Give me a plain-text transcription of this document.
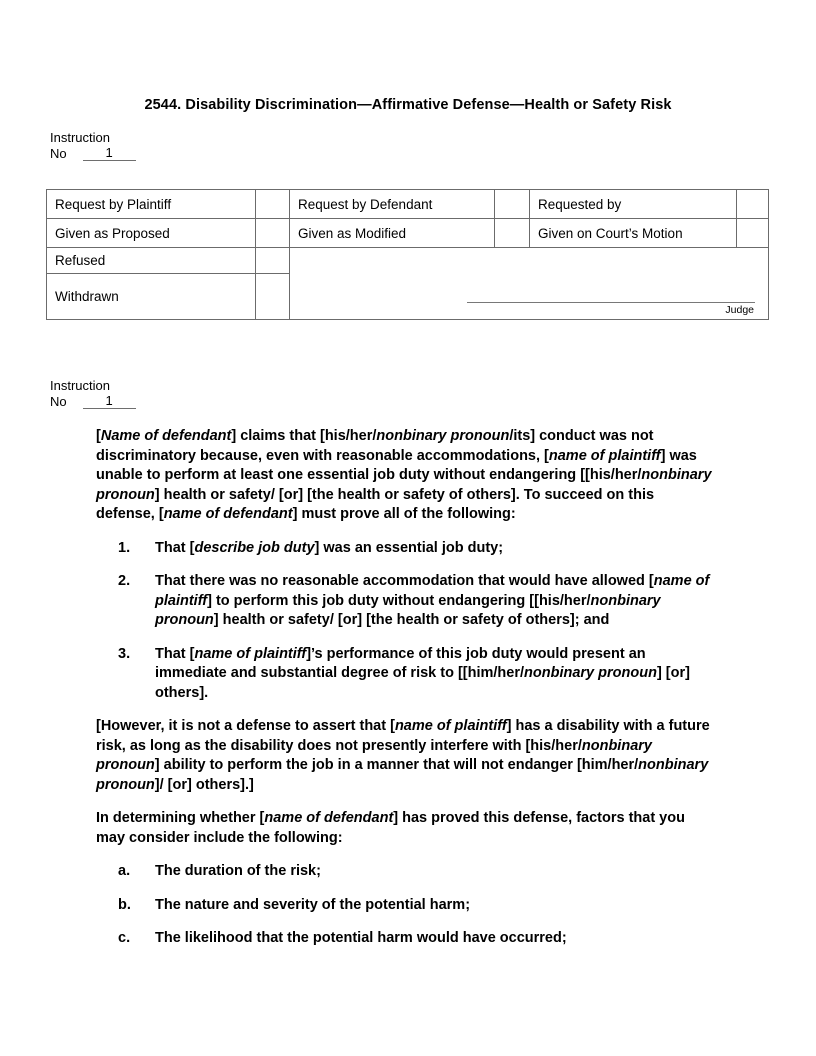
2544. Disability Discrimination—Affirmative Defense—Health or Safety Risk
Instruction
No	1
Request by Plaintiff		Request by Defendant		Requested by	
Given as Proposed		Given as Modified		Given on Court’s Motion	
Refused		Judge			

Withdrawn					
Instruction
No	1
[Name of defendant] claims that [his/her/nonbinary pronoun/its] conduct was not discriminatory because, even with reasonable accommodations, [name of plaintiff] was unable to perform at least one essential job duty without endangering [[his/her/nonbinary pronoun] health or safety/ [or] [the health or safety of others]. To succeed on this defense, [name of defendant] must prove all of the following:
1. That [describe job duty] was an essential job duty;
2. That there was no reasonable accommodation that would have allowed [name of plaintiff] to perform this job duty without endangering [[his/her/nonbinary pronoun] health or safety/ [or] [the health or safety of others]; and
3. That [name of plaintiff]’s performance of this job duty would present an immediate and substantial degree of risk to [[him/her/nonbinary pronoun] [or] others].
[However, it is not a defense to assert that [name of plaintiff] has a disability with a future risk, as long as the disability does not presently interfere with [his/her/nonbinary pronoun] ability to perform the job in a manner that will not endanger [him/her/nonbinary pronoun]/ [or] others].]
In determining whether [name of defendant] has proved this defense, factors that you may consider include the following:
a. The duration of the risk;
b. The nature and severity of the potential harm;
c. The likelihood that the potential harm would have occurred;
